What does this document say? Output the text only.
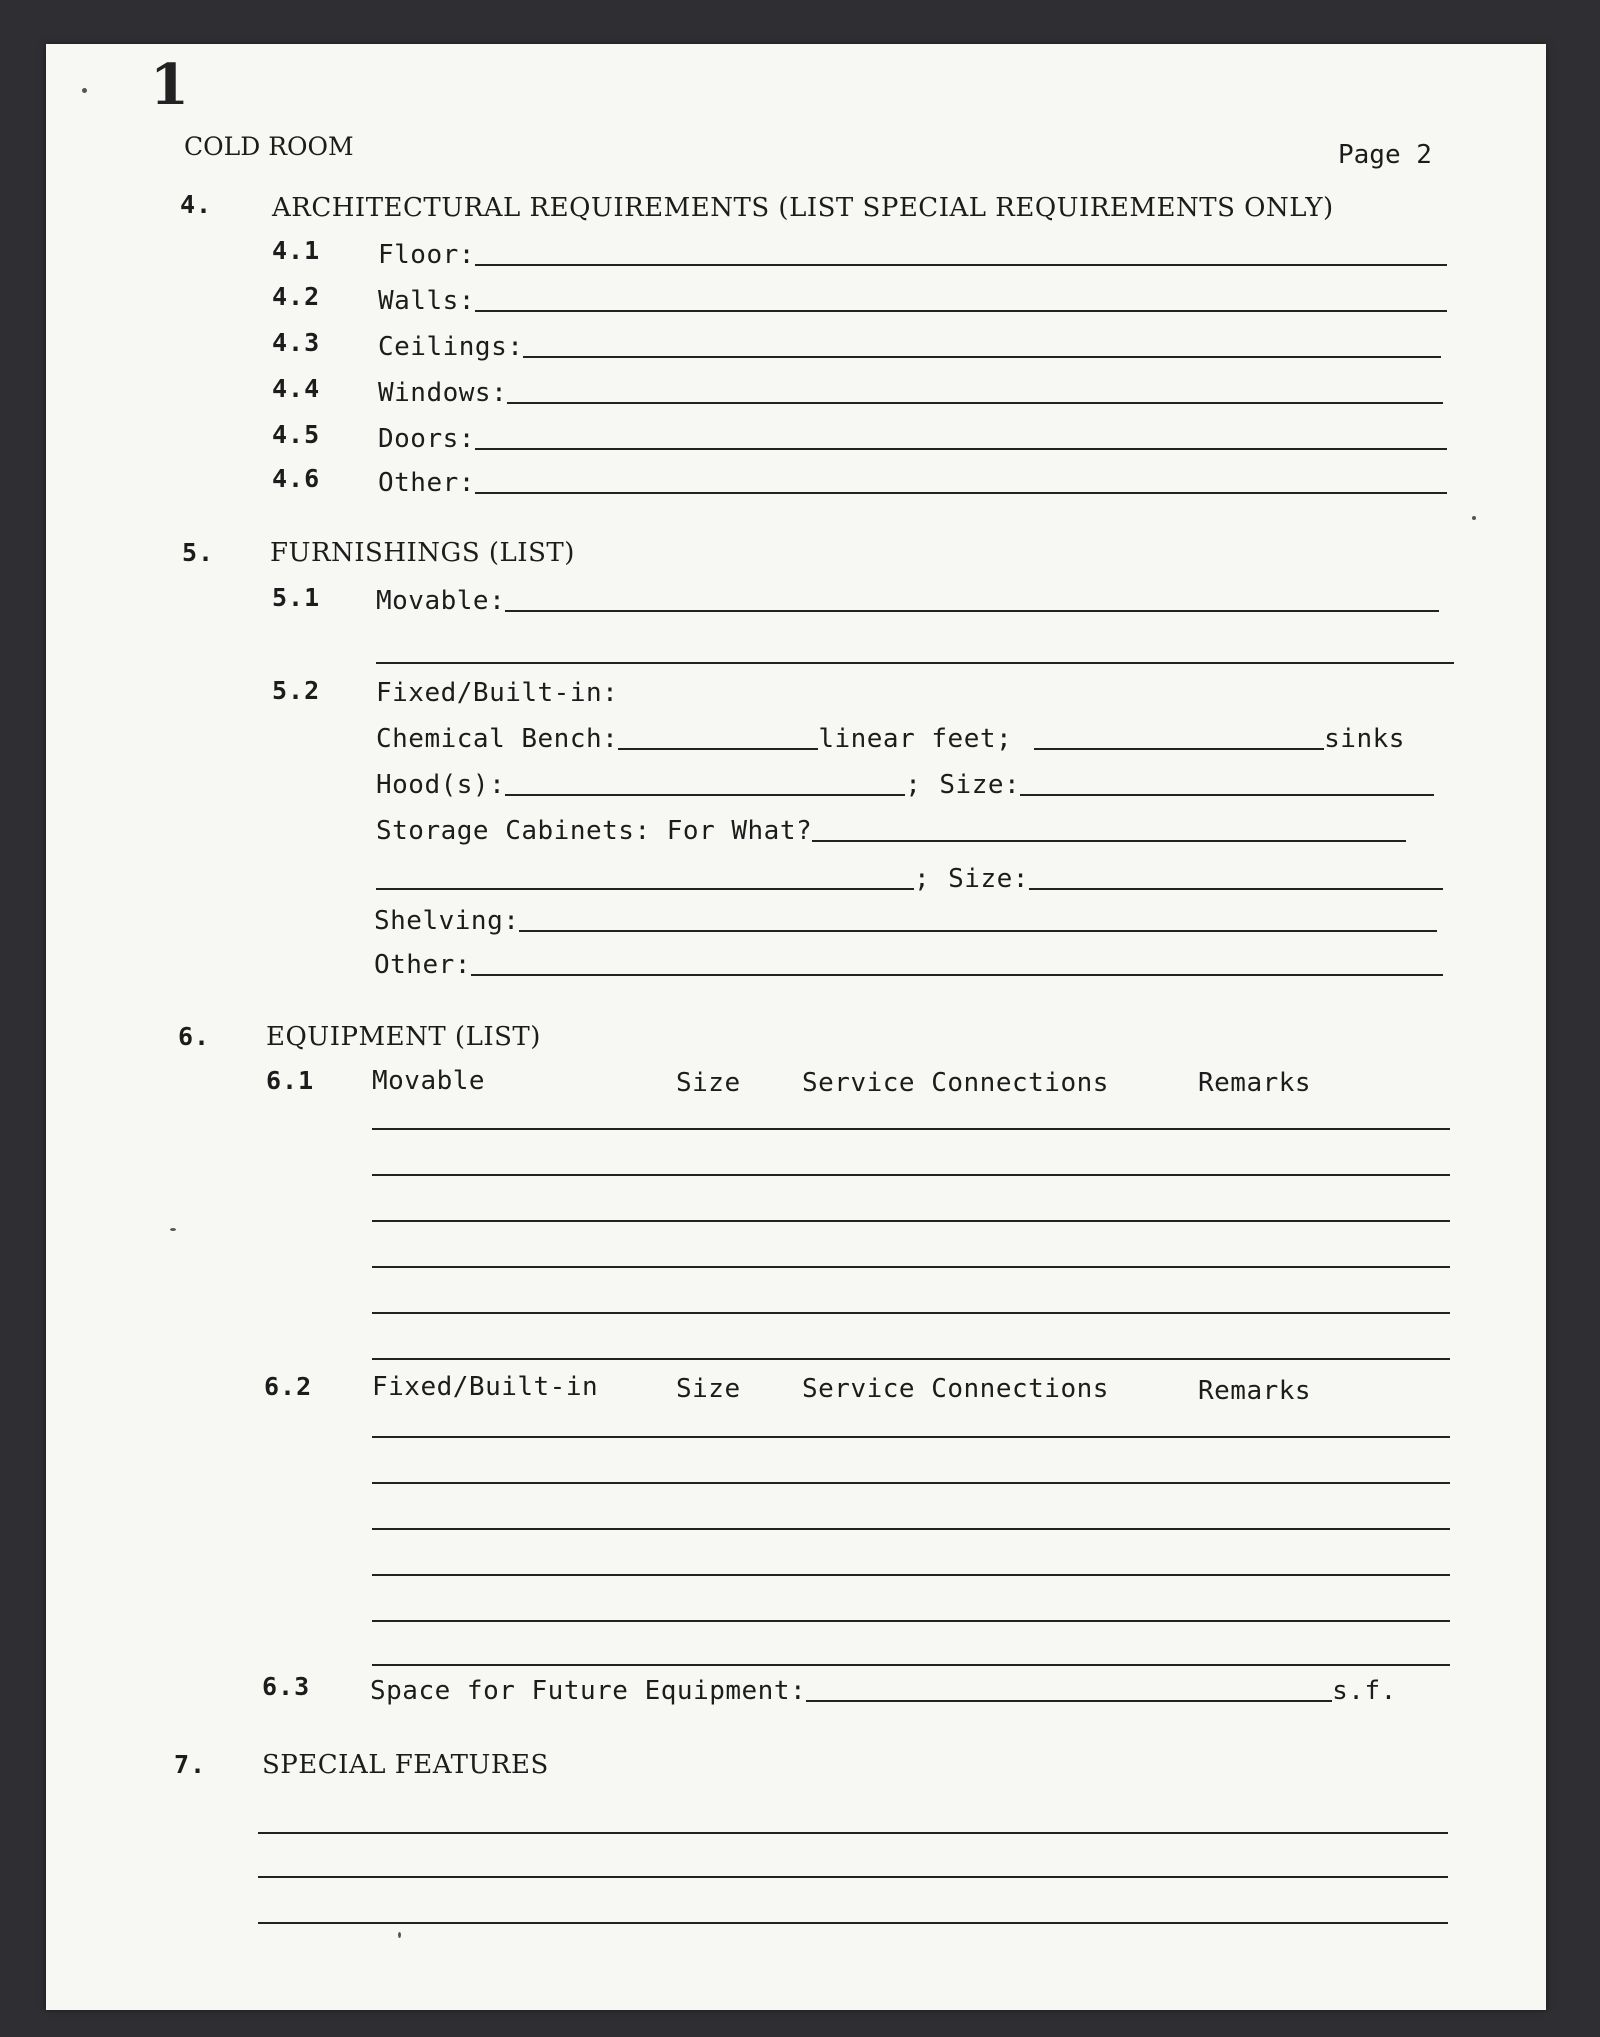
1
COLD ROOM	Page 2
4. ARCHITECTURAL REQUIREMENTS (LIST SPECIAL REQUIREMENTS ONLY)
4.1 Floor:
4.2 Walls:
4.3 Ceilings:
4.4 Windows:
4.5 Doors:
4.6 Other:
5. FURNISHINGS (LIST)
5.1 Movable:
5.2 Fixed/Built-in:
Chemical Bench:	linear feet;	sinks
Hood(s):	; Size:
Storage Cabinets: For What?
; Size:
Shelving:
Other:
6. EQUIPMENT (LIST)
6.1 Movable	Size Service Connections	Remarks
6.2 Fixed/Built-in	Size Service Connections	Remarks
6.3 Space for Future Equipment:	s.f.
7. SPECIAL FEATURES
